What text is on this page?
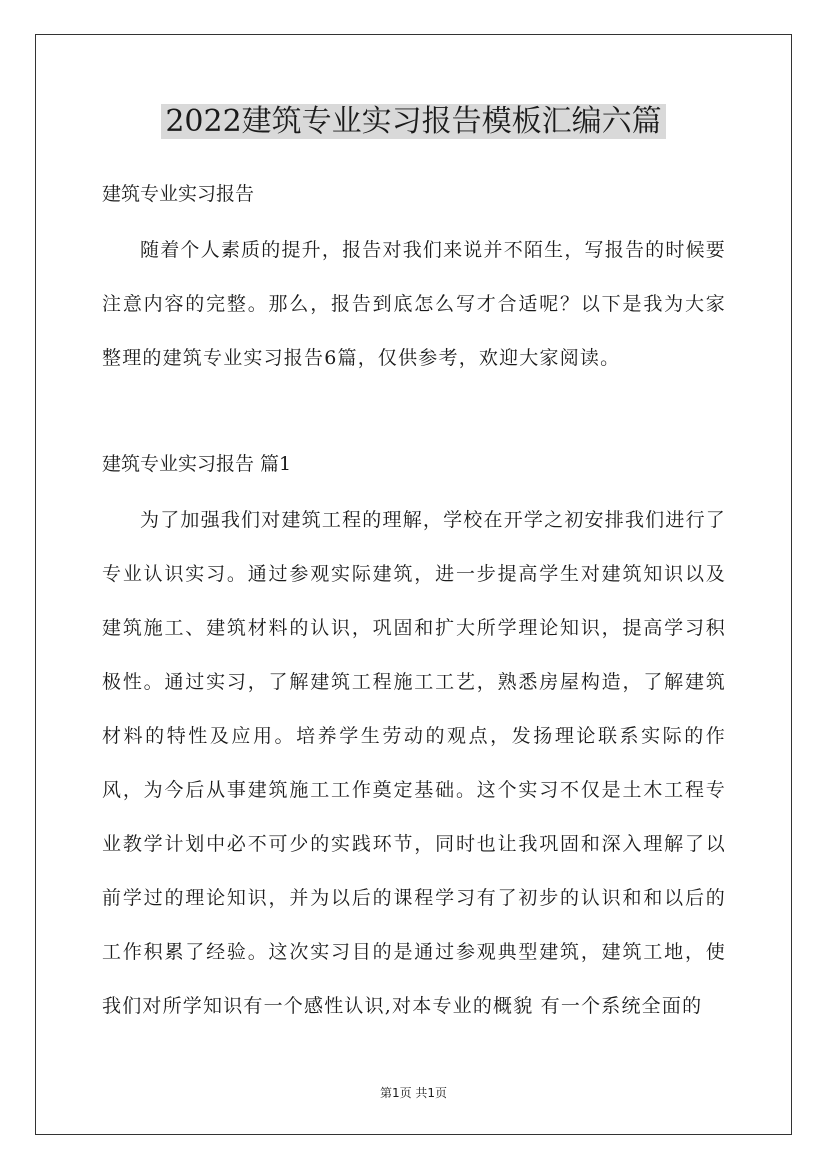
2022建筑专业实习报告模板汇编六篇
建筑专业实习报告
随着个人素质的提升，报告对我们来说并不陌生，写报告的时候要注意内容的完整。那么，报告到底怎么写才合适呢？以下是我为大家整理的建筑专业实习报告6篇，仅供参考，欢迎大家阅读。
建筑专业实习报告 篇1
为了加强我们对建筑工程的理解，学校在开学之初安排我们进行了专业认识实习。通过参观实际建筑，进一步提高学生对建筑知识以及建筑施工、建筑材料的认识，巩固和扩大所学理论知识，提高学习积极性。通过实习，了解建筑工程施工工艺，熟悉房屋构造，了解建筑材料的特性及应用。培养学生劳动的观点，发扬理论联系实际的作风，为今后从事建筑施工工作奠定基础。这个实习不仅是土木工程专业教学计划中必不可少的实践环节，同时也让我巩固和深入理解了以前学过的理论知识，并为以后的课程学习有了初步的认识和和以后的工作积累了经验。这次实习目的是通过参观典型建筑，建筑工地，使我们对所学知识有一个感性认识,对本专业的概貌 有一个系统全面的
第1页 共1页
